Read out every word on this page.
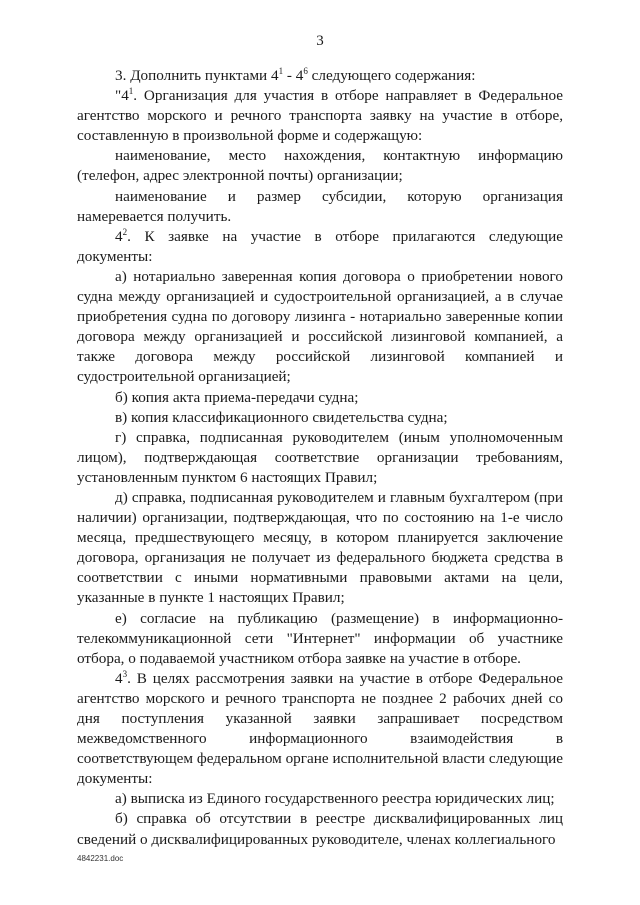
3

3. Дополнить пунктами $4^1 - 4^6$ следующего содержания:

"$4^1$. Организация для участия в отборе направляет в Федеральное агентство морского и речного транспорта заявку на участие в отборе, составленную в произвольной форме и содержащую:

наименование, место нахождения, контактную информацию (телефон, адрес электронной почты) организации;

наименование и размер субсидии, которую организация намеревается получить.

$4^2$. К заявке на участие в отборе прилагаются следующие документы:

а) нотариально заверенная копия договора о приобретении нового судна между организацией и судостроительной организацией, а в случае приобретения судна по договору лизинга - нотариально заверенные копии договора между организацией и российской лизинговой компанией, а также договора между российской лизинговой компанией и судостроительной организацией;

б) копия акта приема-передачи судна;

в) копия классификационного свидетельства судна;

г) справка, подписанная руководителем (иным уполномоченным лицом), подтверждающая соответствие организации требованиям, установленным пунктом 6 настоящих Правил;

д) справка, подписанная руководителем и главным бухгалтером (при наличии) организации, подтверждающая, что по состоянию на 1-е число месяца, предшествующего месяцу, в котором планируется заключение договора, организация не получает из федерального бюджета средства в соответствии с иными нормативными правовыми актами на цели, указанные в пункте 1 настоящих Правил;

е) согласие на публикацию (размещение) в информационно-телекоммуникационной сети "Интернет" информации об участнике отбора, о подаваемой участником отбора заявке на участие в отборе.

$4^3$. В целях рассмотрения заявки на участие в отборе Федеральное агентство морского и речного транспорта не позднее 2 рабочих дней со дня поступления указанной заявки запрашивает посредством межведомственного информационного взаимодействия в соответствующем федеральном органе исполнительной власти следующие документы:

а) выписка из Единого государственного реестра юридических лиц;

б) справка об отсутствии в реестре дисквалифицированных лиц сведений о дисквалифицированных руководителе, членах коллегиального

4842231.doc
